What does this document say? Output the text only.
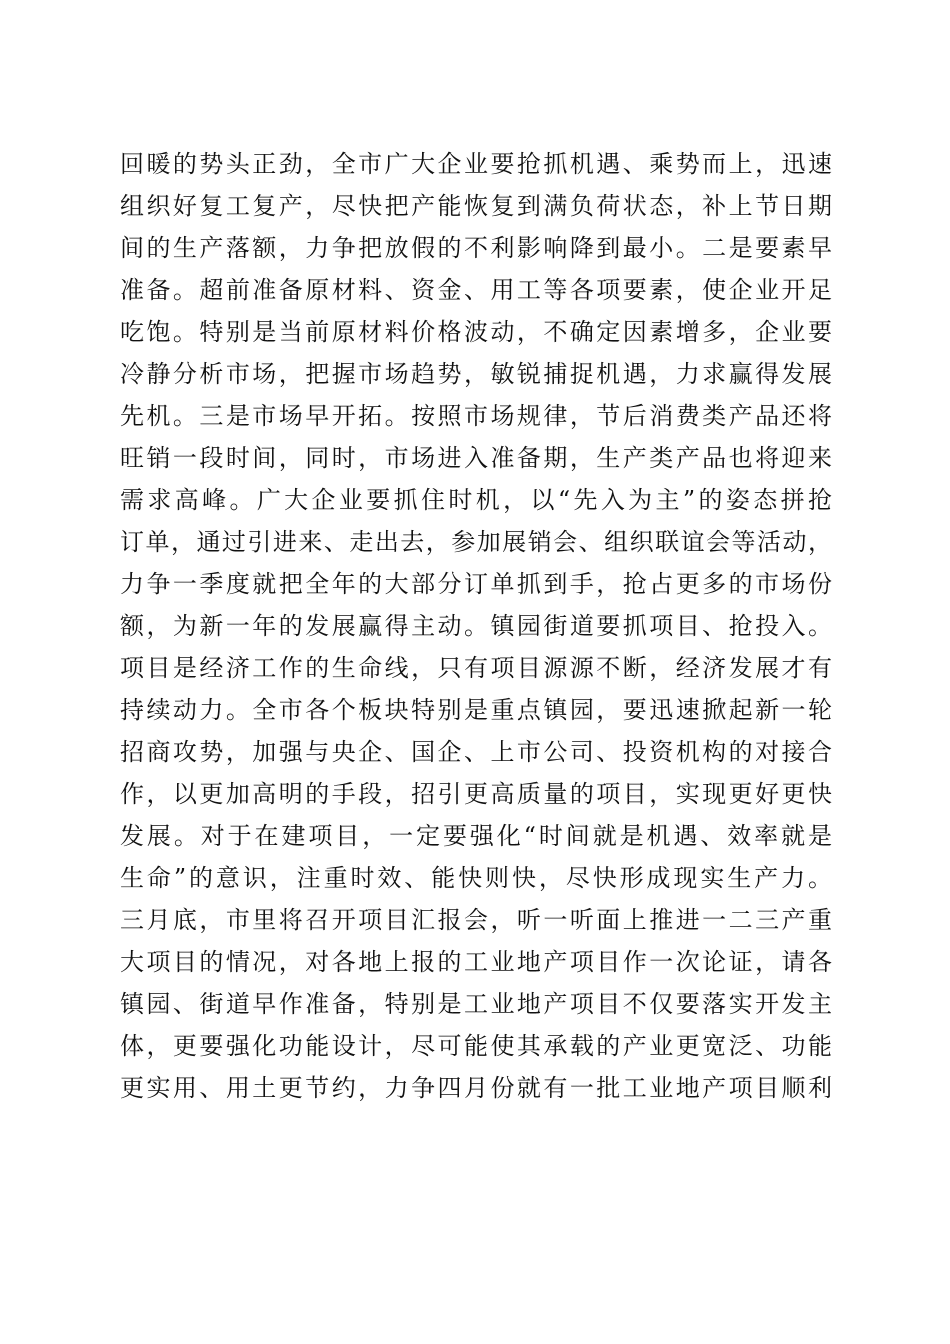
回暖的势头正劲，全市广大企业要抢抓机遇、乘势而上，迅速
组织好复工复产，尽快把产能恢复到满负荷状态，补上节日期
间的生产落额，力争把放假的不利影响降到最小。二是要素早
准备。超前准备原材料、资金、用工等各项要素，使企业开足
吃饱。特别是当前原材料价格波动，不确定因素增多，企业要
冷静分析市场，把握市场趋势，敏锐捕捉机遇，力求赢得发展
先机。三是市场早开拓。按照市场规律，节后消费类产品还将
旺销一段时间，同时，市场进入准备期，生产类产品也将迎来
需求高峰。广大企业要抓住时机，以“先入为主”的姿态拼抢
订单，通过引进来、走出去，参加展销会、组织联谊会等活动，
力争一季度就把全年的大部分订单抓到手，抢占更多的市场份
额，为新一年的发展赢得主动。镇园街道要抓项目、抢投入。
项目是经济工作的生命线，只有项目源源不断，经济发展才有
持续动力。全市各个板块特别是重点镇园，要迅速掀起新一轮
招商攻势，加强与央企、国企、上市公司、投资机构的对接合
作，以更加高明的手段，招引更高质量的项目，实现更好更快
发展。对于在建项目，一定要强化“时间就是机遇、效率就是
生命”的意识，注重时效、能快则快，尽快形成现实生产力。
三月底，市里将召开项目汇报会，听一听面上推进一二三产重
大项目的情况，对各地上报的工业地产项目作一次论证，请各
镇园、街道早作准备，特别是工业地产项目不仅要落实开发主
体，更要强化功能设计，尽可能使其承载的产业更宽泛、功能
更实用、用土更节约，力争四月份就有一批工业地产项目顺利
